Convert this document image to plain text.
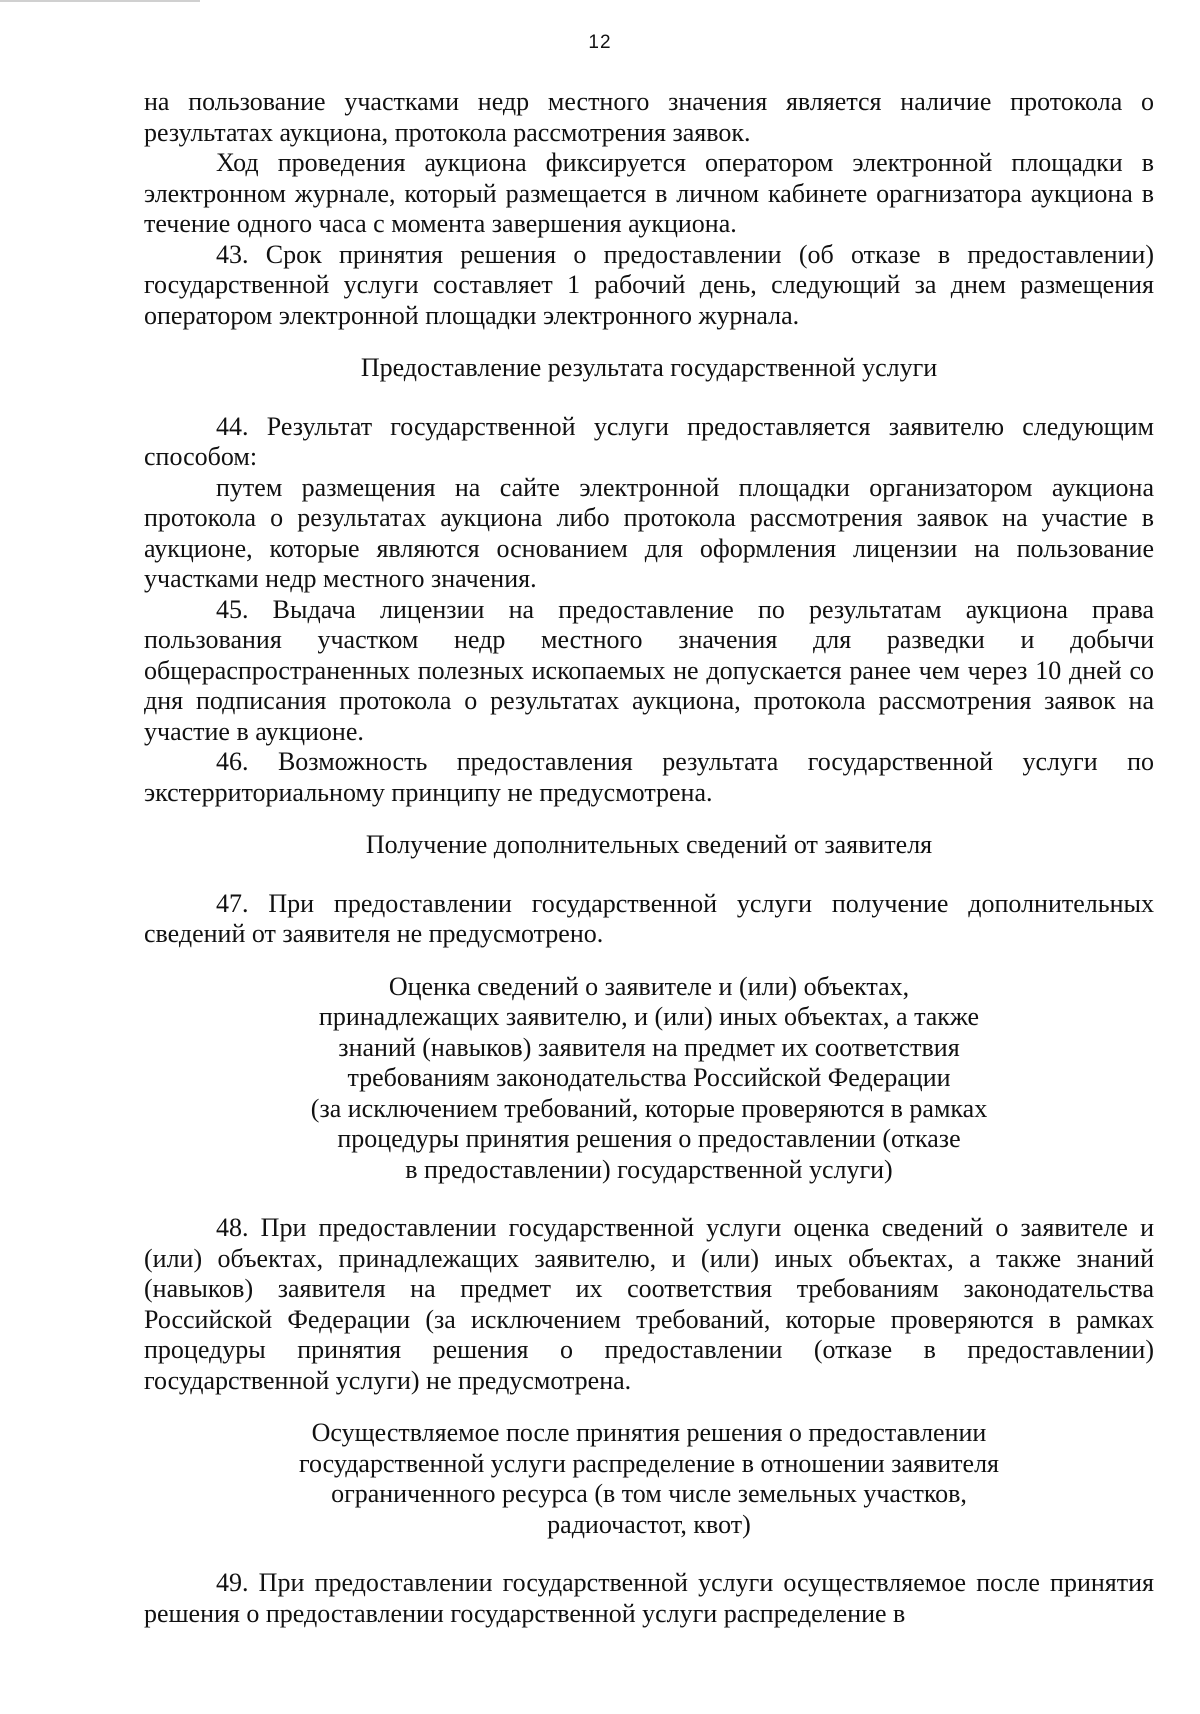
12

на пользование участками недр местного значения является наличие протокола о результатах аукциона, протокола рассмотрения заявок.

Ход проведения аукциона фиксируется оператором электронной площадки в электронном журнале, который размещается в личном кабинете орагнизатора аукциона в течение одного часа с момента завершения аукциона.

43. Срок принятия решения о предоставлении (об отказе в предоставлении) государственной услуги составляет 1 рабочий день, следующий за днем размещения оператором электронной площадки электронного журнала.

Предоставление результата государственной услуги

44. Результат государственной услуги предоставляется заявителю следующим способом:

путем размещения на сайте электронной площадки организатором аукциона протокола о результатах аукциона либо протокола рассмотрения заявок на участие в аукционе, которые являются основанием для оформления лицензии на пользование участками недр местного значения.

45. Выдача лицензии на предоставление по результатам аукциона права пользования участком недр местного значения для разведки и добычи общераспространенных полезных ископаемых не допускается ранее чем через 10 дней со дня подписания протокола о результатах аукциона, протокола рассмотрения заявок на участие в аукционе.

46. Возможность предоставления результата государственной услуги по экстерриториальному принципу не предусмотрена.

Получение дополнительных сведений от заявителя

47. При предоставлении государственной услуги получение дополнительных сведений от заявителя не предусмотрено.

Оценка сведений о заявителе и (или) объектах,
принадлежащих заявителю, и (или) иных объектах, а также
знаний (навыков) заявителя на предмет их соответствия
требованиям законодательства Российской Федерации
(за исключением требований, которые проверяются в рамках
процедуры принятия решения о предоставлении (отказе
в предоставлении) государственной услуги)

48. При предоставлении государственной услуги оценка сведений о заявителе и (или) объектах, принадлежащих заявителю, и (или) иных объектах, а также знаний (навыков) заявителя на предмет их соответствия требованиям законодательства Российской Федерации (за исключением требований, которые проверяются в рамках процедуры принятия решения о предоставлении (отказе в предоставлении) государственной услуги) не предусмотрена.

Осуществляемое после принятия решения о предоставлении
государственной услуги распределение в отношении заявителя
ограниченного ресурса (в том числе земельных участков,
радиочастот, квот)

49. При предоставлении государственной услуги осуществляемое после принятия решения о предоставлении государственной услуги распределение в
